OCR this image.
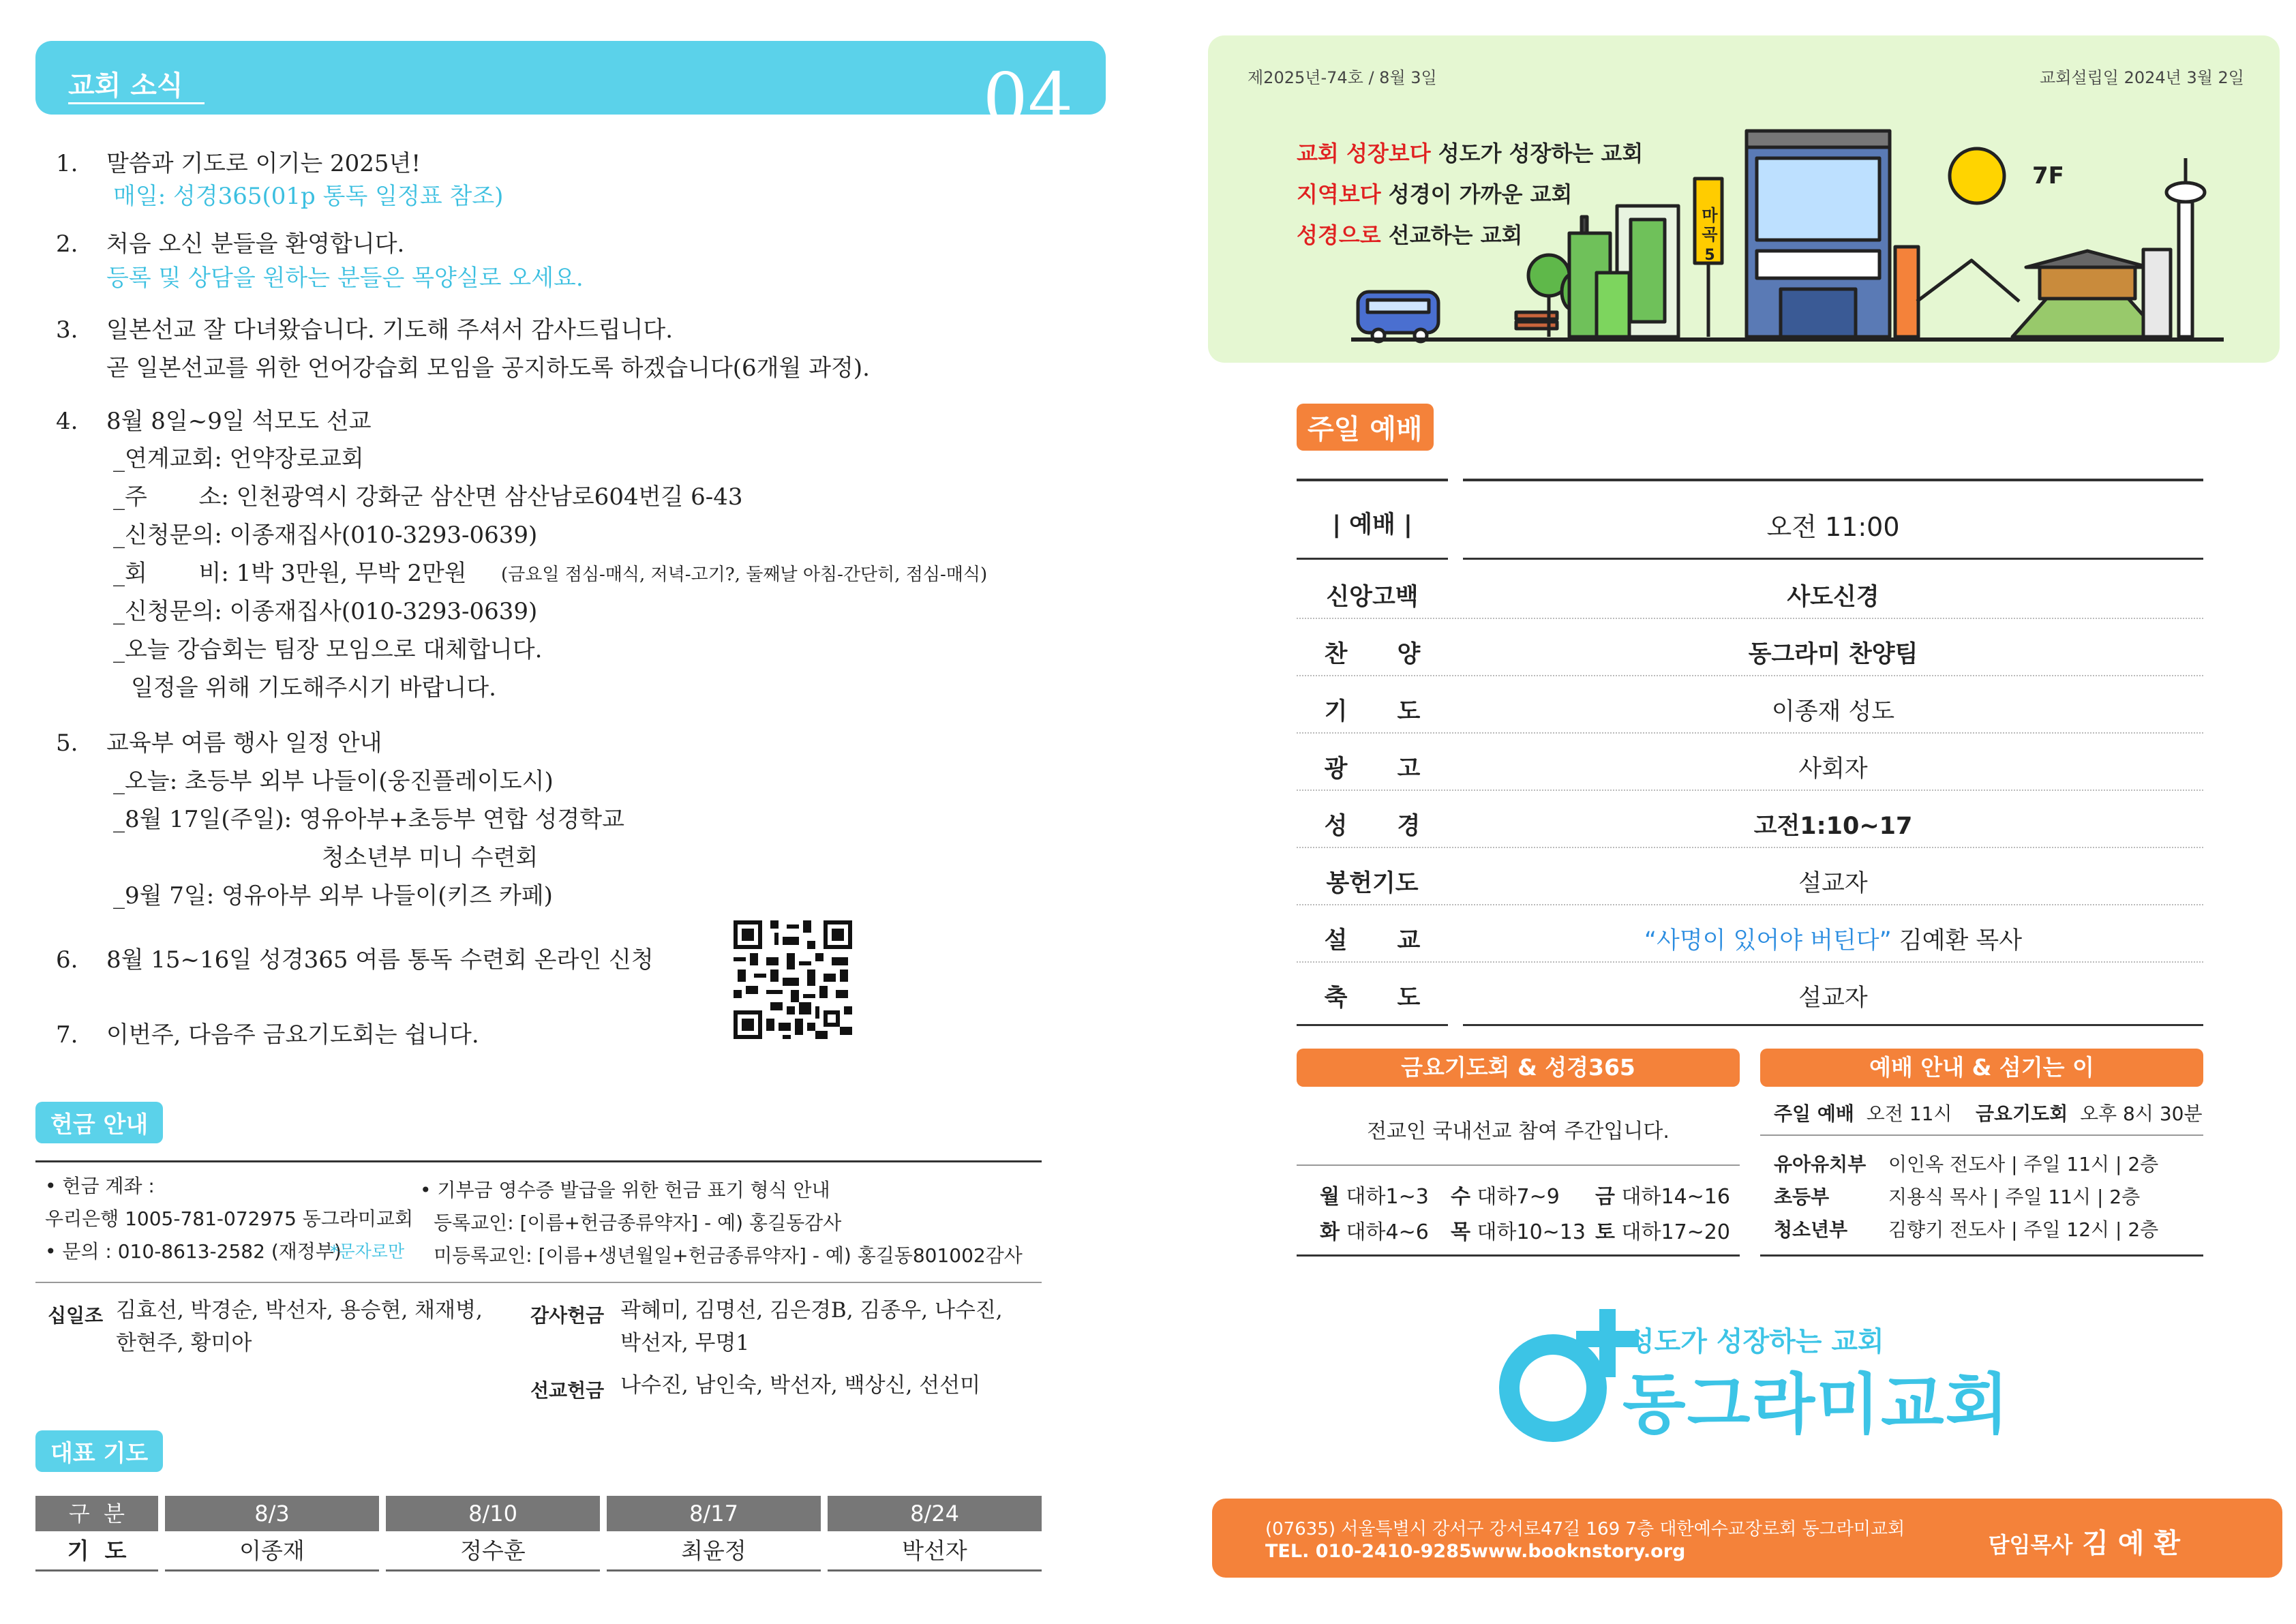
교회 소식	04
1. 말씀과 기도로 이기는 2025년!
매일: 성경365(01p 통독 일정표 참조)
2. 처음 오신 분들을 환영합니다.
등록 및 상담을 원하는 분들은 목양실로 오세요.
3. 일본선교 잘 다녀왔습니다. 기도해 주셔서 감사드립니다.
곧 일본선교를 위한 언어강습회 모임을 공지하도록 하겠습니다(6개월 과정).
4. 8월 8일~9일 석모도 선교
_연계교회: 언약장로교회
_주       소: 인천광역시 강화군 삼산면 삼산남로604번길 6-43
_신청문의: 이종재집사(010-3293-0639)
_회       비: 1박 3만원, 무박 2만원 (금요일 점심-매식, 저녁-고기?, 둘째날 아침-간단히, 점심-매식)
_신청문의: 이종재집사(010-3293-0639)
_오늘 강습회는 팀장 모임으로 대체합니다.
일정을 위해 기도해주시기 바랍니다.
5. 교육부 여름 행사 일정 안내
_오늘: 초등부 외부 나들이(웅진플레이도시)
_8월 17일(주일): 영유아부+초등부 연합 성경학교
청소년부 미니 수련회
_9월 7일: 영유아부 외부 나들이(키즈 카페)
6. 8월 15~16일 성경365 여름 통독 수련회 온라인 신청
7. 이번주, 다음주 금요기도회는 쉽니다.
헌금 안내
• 헌금 계좌 :
우리은행 1005-781-072975 동그라미교회
• 문의 : 010-8613-2582 (재정부)
*문자로만
• 기부금 영수증 발급을 위한 헌금 표기 형식 안내
등록교인: [이름+헌금종류약자] - 예) 홍길동감사
미등록교인: [이름+생년월일+헌금종류약자] - 예) 홍길동801002감사
십일조 김효선, 박경순, 박선자, 용승현, 채재병,
한현주, 황미아
감사헌금 곽혜미, 김명선, 김은경B, 김종우, 나수진,
박선자, 무명1
선교헌금 나수진, 남인숙, 박선자, 백상신, 선선미
대표 기도
구  분	8/3	8/10	8/17	8/24
기  도	이종재	정수훈	최윤정	박선자
제2025년-74호 / 8월 3일	교회설립일 2024년 3월 2일
교회 성장보다 성도가 성장하는 교회
지역보다 성경이 가까운 교회
성경으로 선교하는 교회
7F
마곡
5
주일 예배
| 예배 |	오전 11:00
신앙고백	사도신경
찬      양	동그라미 찬양팀
기      도	이종재 성도
광      고	사회자
성      경	고전1:10~17
봉헌기도	설교자
설      교	“사명이 있어야 버틴다” 김예환 목사
축      도	설교자
금요기도회 & 성경365
전교인 국내선교 참여 주간입니다.
월 대하1~3 수 대하7~9 금 대하14~16
화 대하4~6 목 대하10~13 토 대하17~20
예배 안내 & 섬기는 이
주일 예배 오전 11시 금요기도회 오후 8시 30분
유아유치부 이인옥 전도사 | 주일 11시 | 2층
초등부	지용식 목사 | 주일 11시 | 2층
청소년부 김향기 전도사 | 주일 12시 | 2층
성도가 성장하는 교회
동그라미교회
(07635) 서울특별시 강서구 강서로47길 169 7층 대한예수교장로회 동그라미교회
TEL. 010-2410-9285 www.booknstory.org	담임목사 김 예 환
